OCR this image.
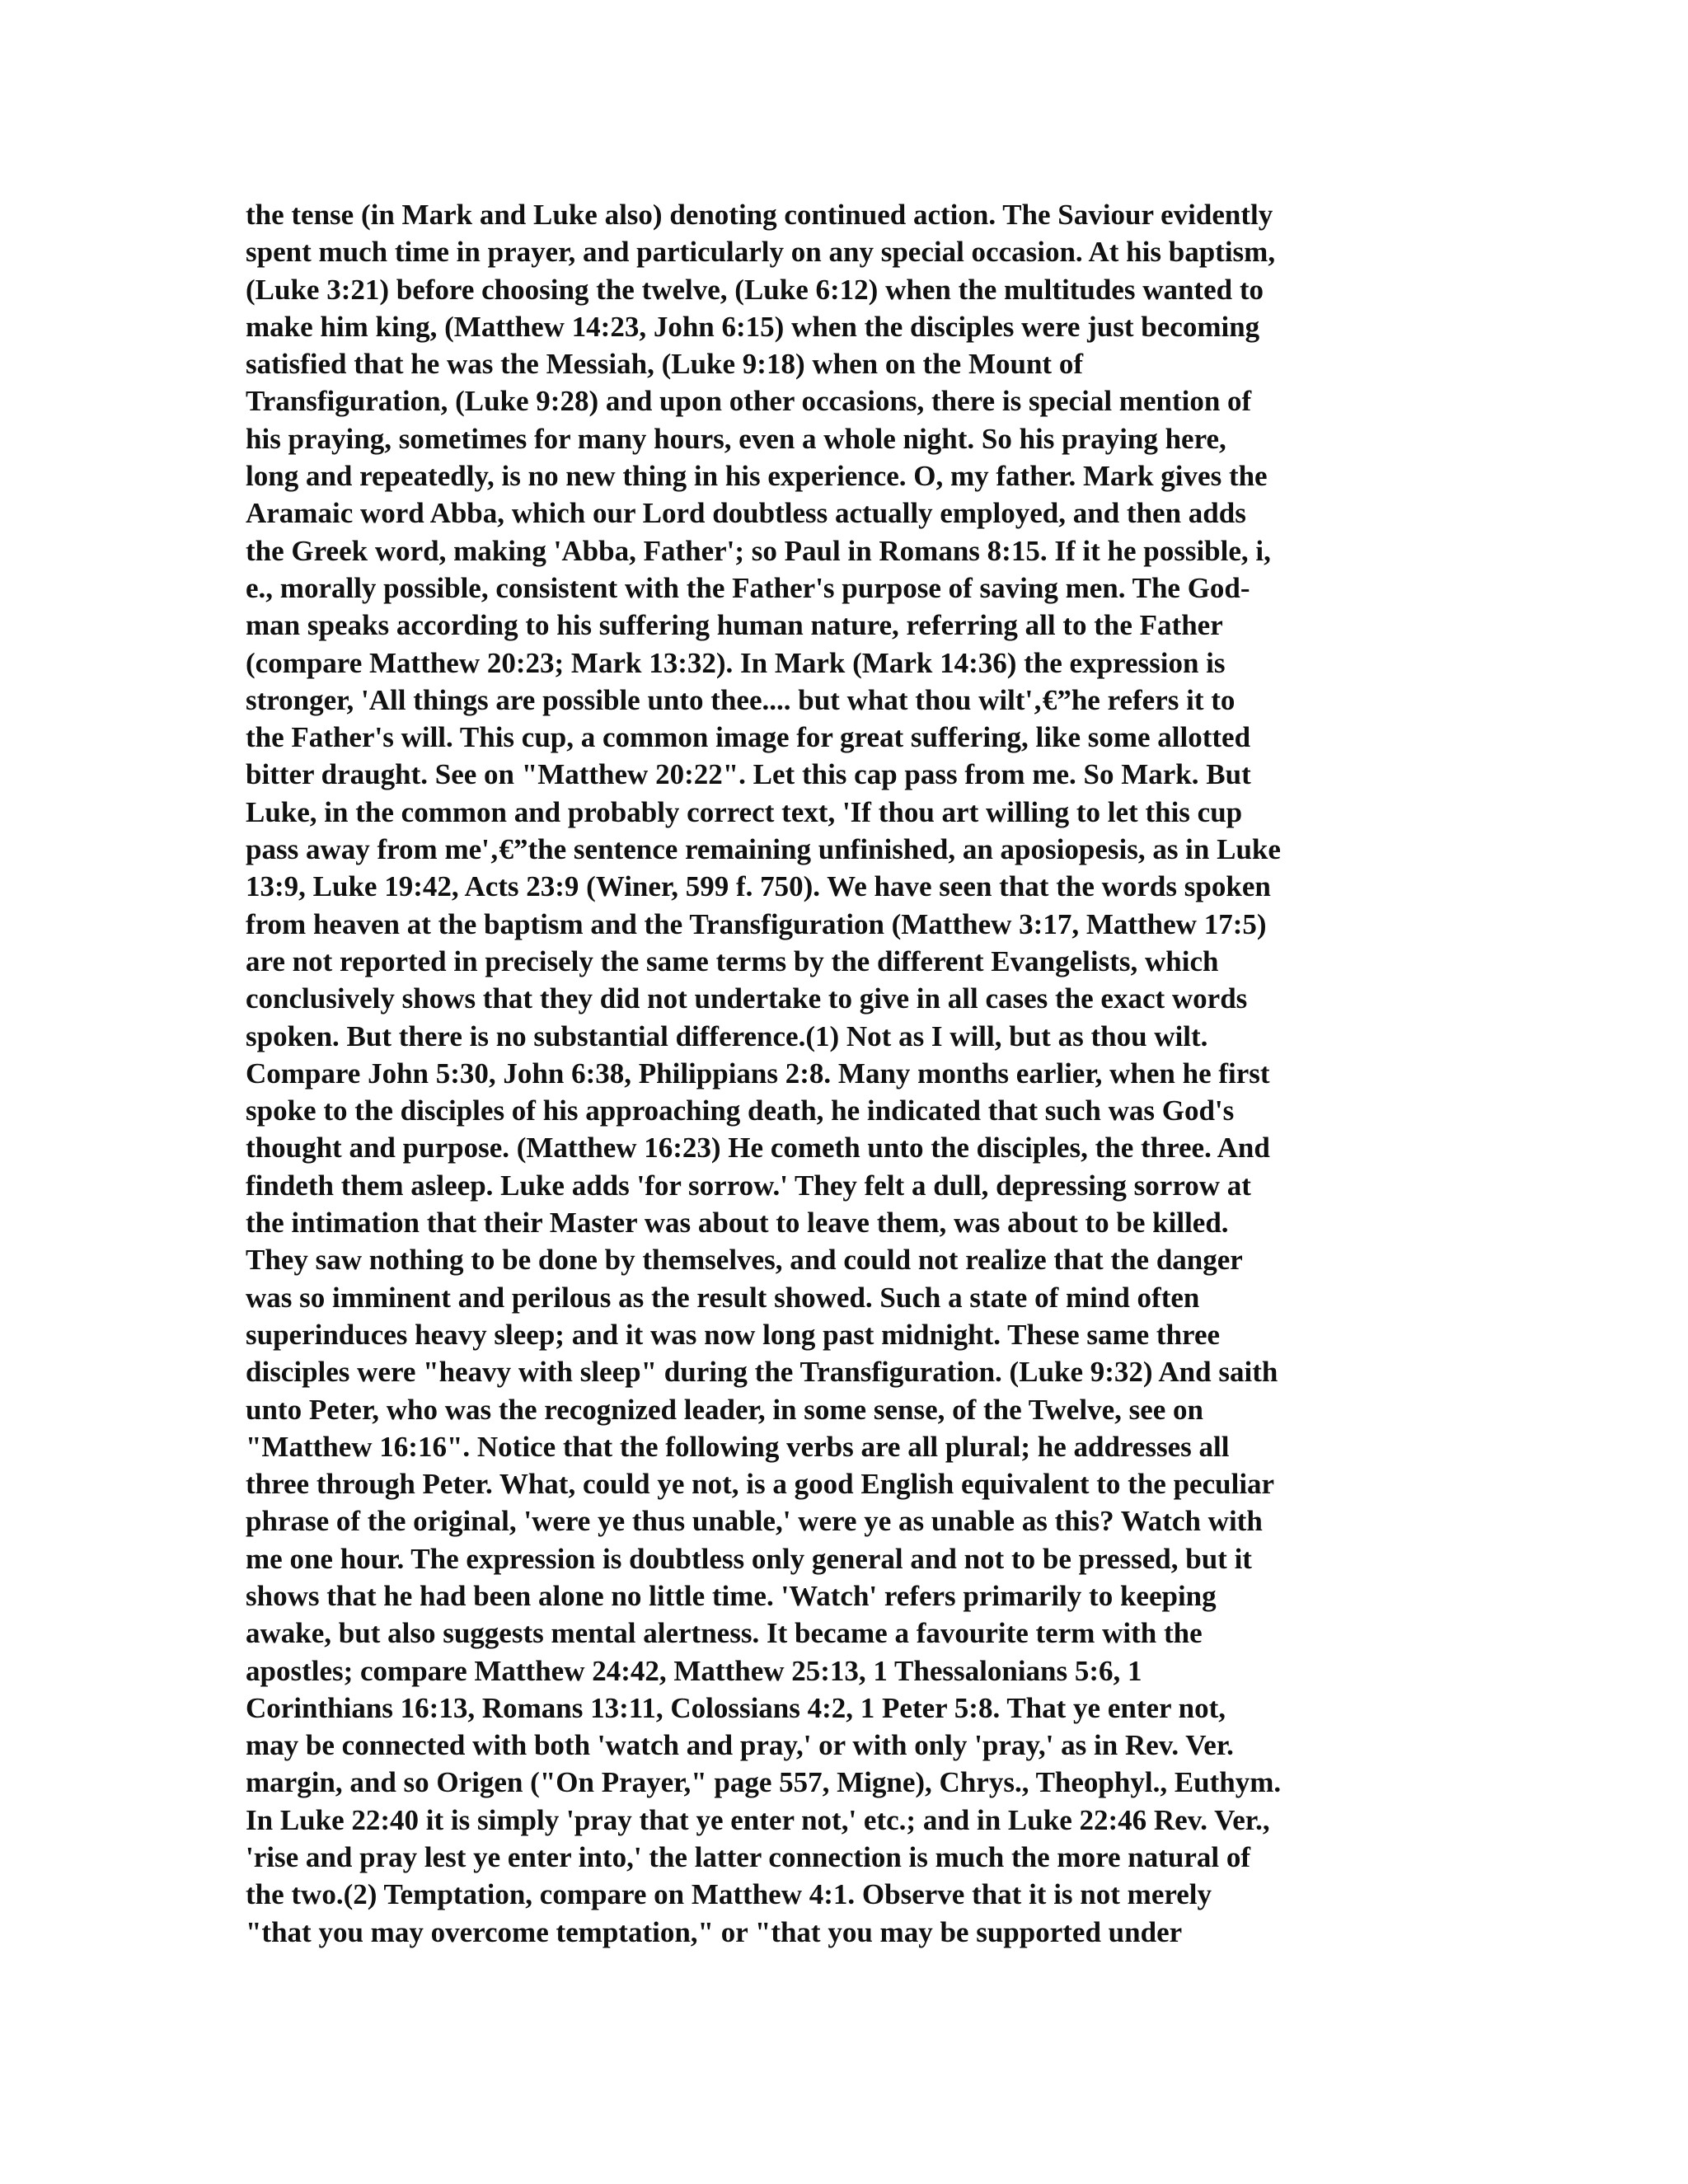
the tense (in Mark and Luke also) denoting continued action. The Saviour evidently
spent much time in prayer, and particularly on any special occasion. At his baptism,
(Luke 3:21) before choosing the twelve, (Luke 6:12) when the multitudes wanted to
make him king, (Matthew 14:23, John 6:15) when the disciples were just becoming
satisfied that he was the Messiah, (Luke 9:18) when on the Mount of
Transfiguration, (Luke 9:28) and upon other occasions, there is special mention of
his praying, sometimes for many hours, even a whole night. So his praying here,
long and repeatedly, is no new thing in his experience. O, my father. Mark gives the
Aramaic word Abba, which our Lord doubtless actually employed, and then adds
the Greek word, making 'Abba, Father'; so Paul in Romans 8:15. If it he possible, i,
e., morally possible, consistent with the Father's purpose of saving men. The God-
man speaks according to his suffering human nature, referring all to the Father
(compare Matthew 20:23; Mark 13:32). In Mark (Mark 14:36) the expression is
stronger, 'All things are possible unto thee.... but what thou wilt'‚€”he refers it to
the Father's will. This cup, a common image for great suffering, like some allotted
bitter draught. See on "Matthew 20:22". Let this cap pass from me. So Mark. But
Luke, in the common and probably correct text, 'If thou art willing to let this cup
pass away from me'‚€”the sentence remaining unfinished, an aposiopesis, as in Luke
13:9, Luke 19:42, Acts 23:9 (Winer, 599 f. 750). We have seen that the words spoken
from heaven at the baptism and the Transfiguration (Matthew 3:17, Matthew 17:5)
are not reported in precisely the same terms by the different Evangelists, which
conclusively shows that they did not undertake to give in all cases the exact words
spoken. But there is no substantial difference.(1) Not as I will, but as thou wilt.
Compare John 5:30, John 6:38, Philippians 2:8. Many months earlier, when he first
spoke to the disciples of his approaching death, he indicated that such was God's
thought and purpose. (Matthew 16:23) He cometh unto the disciples, the three. And
findeth them asleep. Luke adds 'for sorrow.' They felt a dull, depressing sorrow at
the intimation that their Master was about to leave them, was about to be killed.
They saw nothing to be done by themselves, and could not realize that the danger
was so imminent and perilous as the result showed. Such a state of mind often
superinduces heavy sleep; and it was now long past midnight. These same three
disciples were "heavy with sleep" during the Transfiguration. (Luke 9:32) And saith
unto Peter, who was the recognized leader, in some sense, of the Twelve, see on
"Matthew 16:16". Notice that the following verbs are all plural; he addresses all
three through Peter. What, could ye not, is a good English equivalent to the peculiar
phrase of the original, 'were ye thus unable,' were ye as unable as this? Watch with
me one hour. The expression is doubtless only general and not to be pressed, but it
shows that he had been alone no little time. 'Watch' refers primarily to keeping
awake, but also suggests mental alertness. It became a favourite term with the
apostles; compare Matthew 24:42, Matthew 25:13, 1 Thessalonians 5:6, 1
Corinthians 16:13, Romans 13:11, Colossians 4:2, 1 Peter 5:8. That ye enter not,
may be connected with both 'watch and pray,' or with only 'pray,' as in Rev. Ver.
margin, and so Origen ("On Prayer," page 557, Migne), Chrys., Theophyl., Euthym.
In Luke 22:40 it is simply 'pray that ye enter not,' etc.; and in Luke 22:46 Rev. Ver.,
'rise and pray lest ye enter into,' the latter connection is much the more natural of
the two.(2) Temptation, compare on Matthew 4:1. Observe that it is not merely
"that you may overcome temptation," or "that you may be supported under
